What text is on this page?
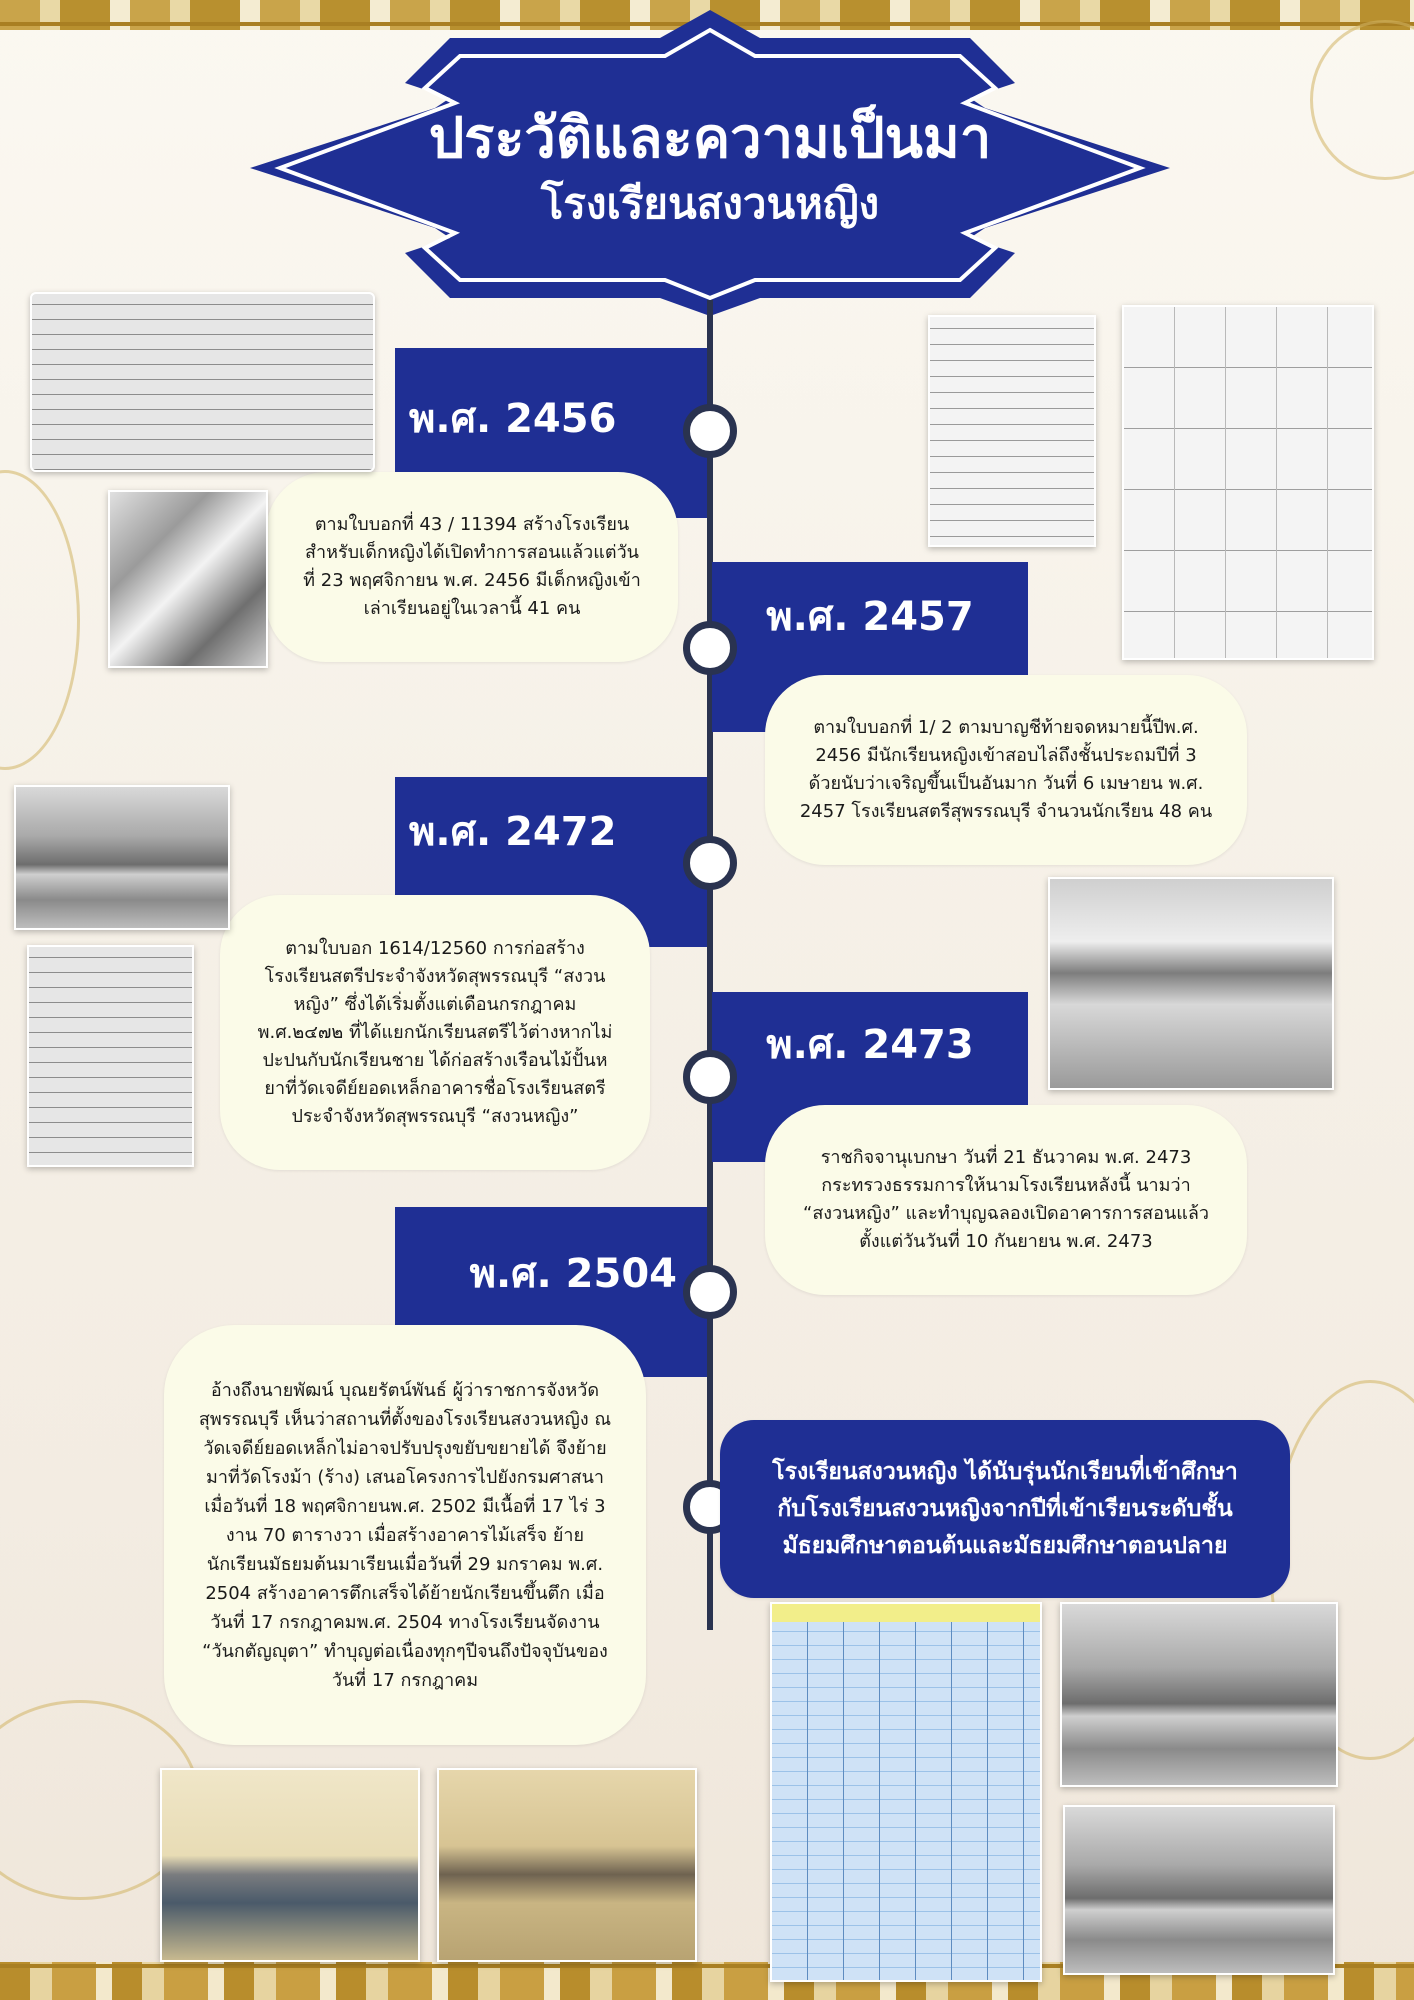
ประวัติและความเป็นมา
โรงเรียนสงวนหญิง
พ.ศ. 2456
ตามใบบอกที่ 43 / 11394 สร้างโรงเรียนสำหรับเด็กหญิงได้เปิดทำการสอนแล้วแต่วันที่ 23 พฤศจิกายน พ.ศ. 2456 มีเด็กหญิงเข้าเล่าเรียนอยู่ในเวลานี้ 41 คน	พ.ศ. 2457
ตามใบบอกที่ 1/ 2 ตามบาญชีท้ายจดหมายนี้ปีพ.ศ. 2456 มีนักเรียนหญิงเข้าสอบไล่ถึงชั้นประถมปีที่ 3 ด้วยนับว่าเจริญขึ้นเป็นอันมาก วันที่ 6 เมษายน พ.ศ. 2457 โรงเรียนสตรีสุพรรณบุรี จำนวนนักเรียน 48 คน
พ.ศ. 2472
ตามใบบอก 1614/12560 การก่อสร้างโรงเรียนสตรีประจำจังหวัดสุพรรณบุรี “สงวนหญิง” ซึ่งได้เริ่มตั้งแต่เดือนกรกฎาคม พ.ศ.๒๔๗๒ ที่ได้แยกนักเรียนสตรีไว้ต่างหากไม่ปะปนกับนักเรียนชาย ได้ก่อสร้างเรือนไม้ปั้นหยาที่วัดเจดีย์ยอดเหล็กอาคารชื่อโรงเรียนสตรีประจำจังหวัดสุพรรณบุรี “สงวนหญิง”
พ.ศ. 2473
ราชกิจจานุเบกษา วันที่ 21 ธันวาคม พ.ศ. 2473 กระทรวงธรรมการให้นามโรงเรียนหลังนี้ นามว่า “สงวนหญิง” และทำบุญฉลองเปิดอาคารการสอนแล้วตั้งแต่วันวันที่ 10 กันยายน พ.ศ. 2473
พ.ศ. 2504
อ้างถึงนายพัฒน์ บุณยรัตน์พันธ์ ผู้ว่าราชการจังหวัดสุพรรณบุรี เห็นว่าสถานที่ตั้งของโรงเรียนสงวนหญิง ณ วัดเจดีย์ยอดเหล็กไม่อาจปรับปรุงขยับขยายได้ จึงย้ายมาที่วัดโรงม้า (ร้าง) เสนอโครงการไปยังกรมศาสนา เมื่อวันที่ 18 พฤศจิกายนพ.ศ. 2502 มีเนื้อที่ 17 ไร่ 3 งาน 70 ตารางวา เมื่อสร้างอาคารไม้เสร็จ ย้ายนักเรียนมัธยมต้นมาเรียนเมื่อวันที่ 29 มกราคม พ.ศ. 2504 สร้างอาคารตึกเสร็จได้ย้ายนักเรียนขึ้นตึก เมื่อวันที่ 17 กรกฎาคมพ.ศ. 2504 ทางโรงเรียนจัดงาน “วันกตัญญุตา” ทำบุญต่อเนื่องทุกๆปีจนถึงปัจจุบันของวันที่ 17 กรกฎาคม
โรงเรียนสงวนหญิง ได้นับรุ่นนักเรียนที่เข้าศึกษากับโรงเรียนสงวนหญิงจากปีที่เข้าเรียนระดับชั้นมัธยมศึกษาตอนต้นและมัธยมศึกษาตอนปลาย
